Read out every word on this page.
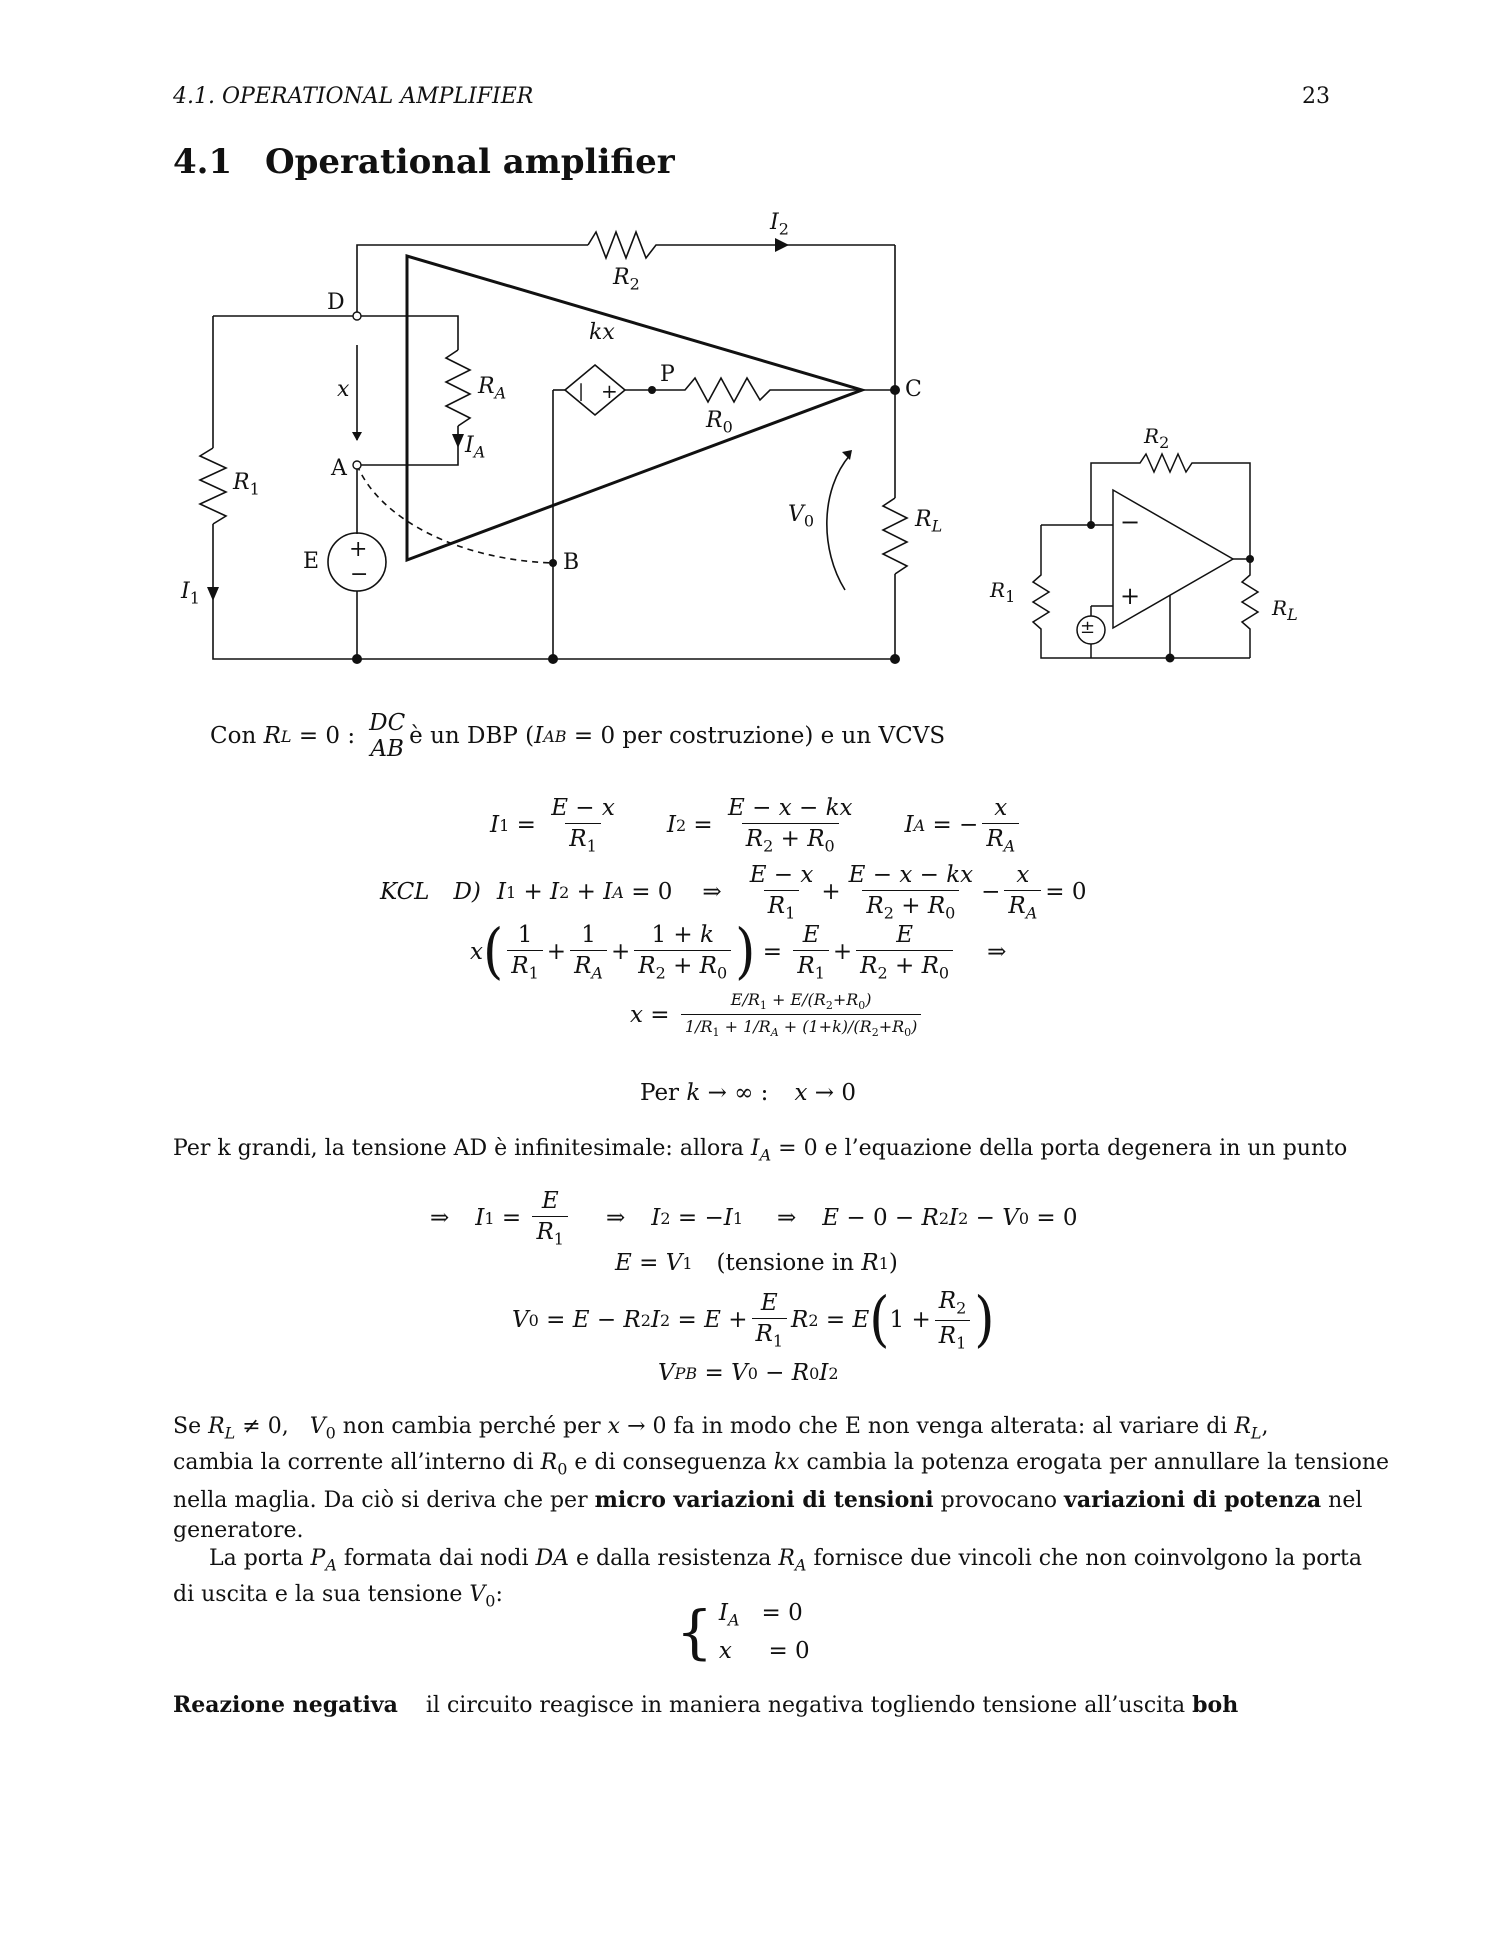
4.1. OPERATIONAL AMPLIFIER	23
4.1 Operational amplifier
+
−
| +
D
A
E	B
P
C
kx
x
$I_2$
$R_2$
$R_A$
$I_A$
$R_0$
$R_1$
$V_0$	$R_L$
$I_1$
$R_2$
−
+
±
$R_1$	$R_L$
Con
R L
= 0 : DC
AB è un DBP ( I AB
= 0 per costruzione) e un VCVS
I $1 = \frac{E - x}{R_1}$ I $2 = \frac{E - x - kx}{R_2 + R_0}$ I A = − $\frac{x}{R_A}$
KCL D) I 1 + I 2 + I A = 0
⇒ $\frac{E - x}{R_1} + \frac{E - x - kx}{R_2 + R_0} - \frac{x}{R_A} = 0$
x ( $\frac{1}{R_1} + \frac{1}{R_A} + \frac{1 + k}{R_2 + R_0}$ ) = $\frac{E}{R_1} + \frac{E}{R_2 + R_0}$ ⇒
$x = \frac{E/R_1 + E/(R_2+R_0)}{1/R_1 + 1/R_A + (1+k)/(R_2+R_0)}$
Per
k → ∞ : x → 0
Per k grandi, la tensione AD è infinitesimale: allora $I_A = 0$ e l’equazione della porta degenera in un punto
⇒ I $1 = \frac{E}{R_1}$ ⇒ I 2 = − I 1 ⇒ E − 0 − R 2 I 2 − V 0 = 0
E = V 1 (tensione in
R 1 )
V 0 = E − R 2 I $2 = E + \frac{E}{R_1}$ R 2 = E ( $1 + \frac{R_2}{R_1}$ )
V PB = V 0 − R 0 I 2
Se $R_L \ne 0$, $V_0$ non cambia perché per x → 0 fa in modo che E non venga alterata: al variare di $R_L$,
cambia la corrente all’interno di $R_0$ e di conseguenza kx cambia la potenza erogata per annullare la tensione
nella maglia. Da ciò si deriva che per micro variazioni di tensioni provocano variazioni di potenza nel
generatore.
La porta $P_A$ formata dai nodi DA e dalla resistenza $R_A$ fornisce due vincoli che non coinvolgono la porta
di uscita e la sua tensione $V_0$:
{ $I_A = 0$
x = 0
Reazione negativa il circuito reagisce in maniera negativa togliendo tensione all’uscita boh
